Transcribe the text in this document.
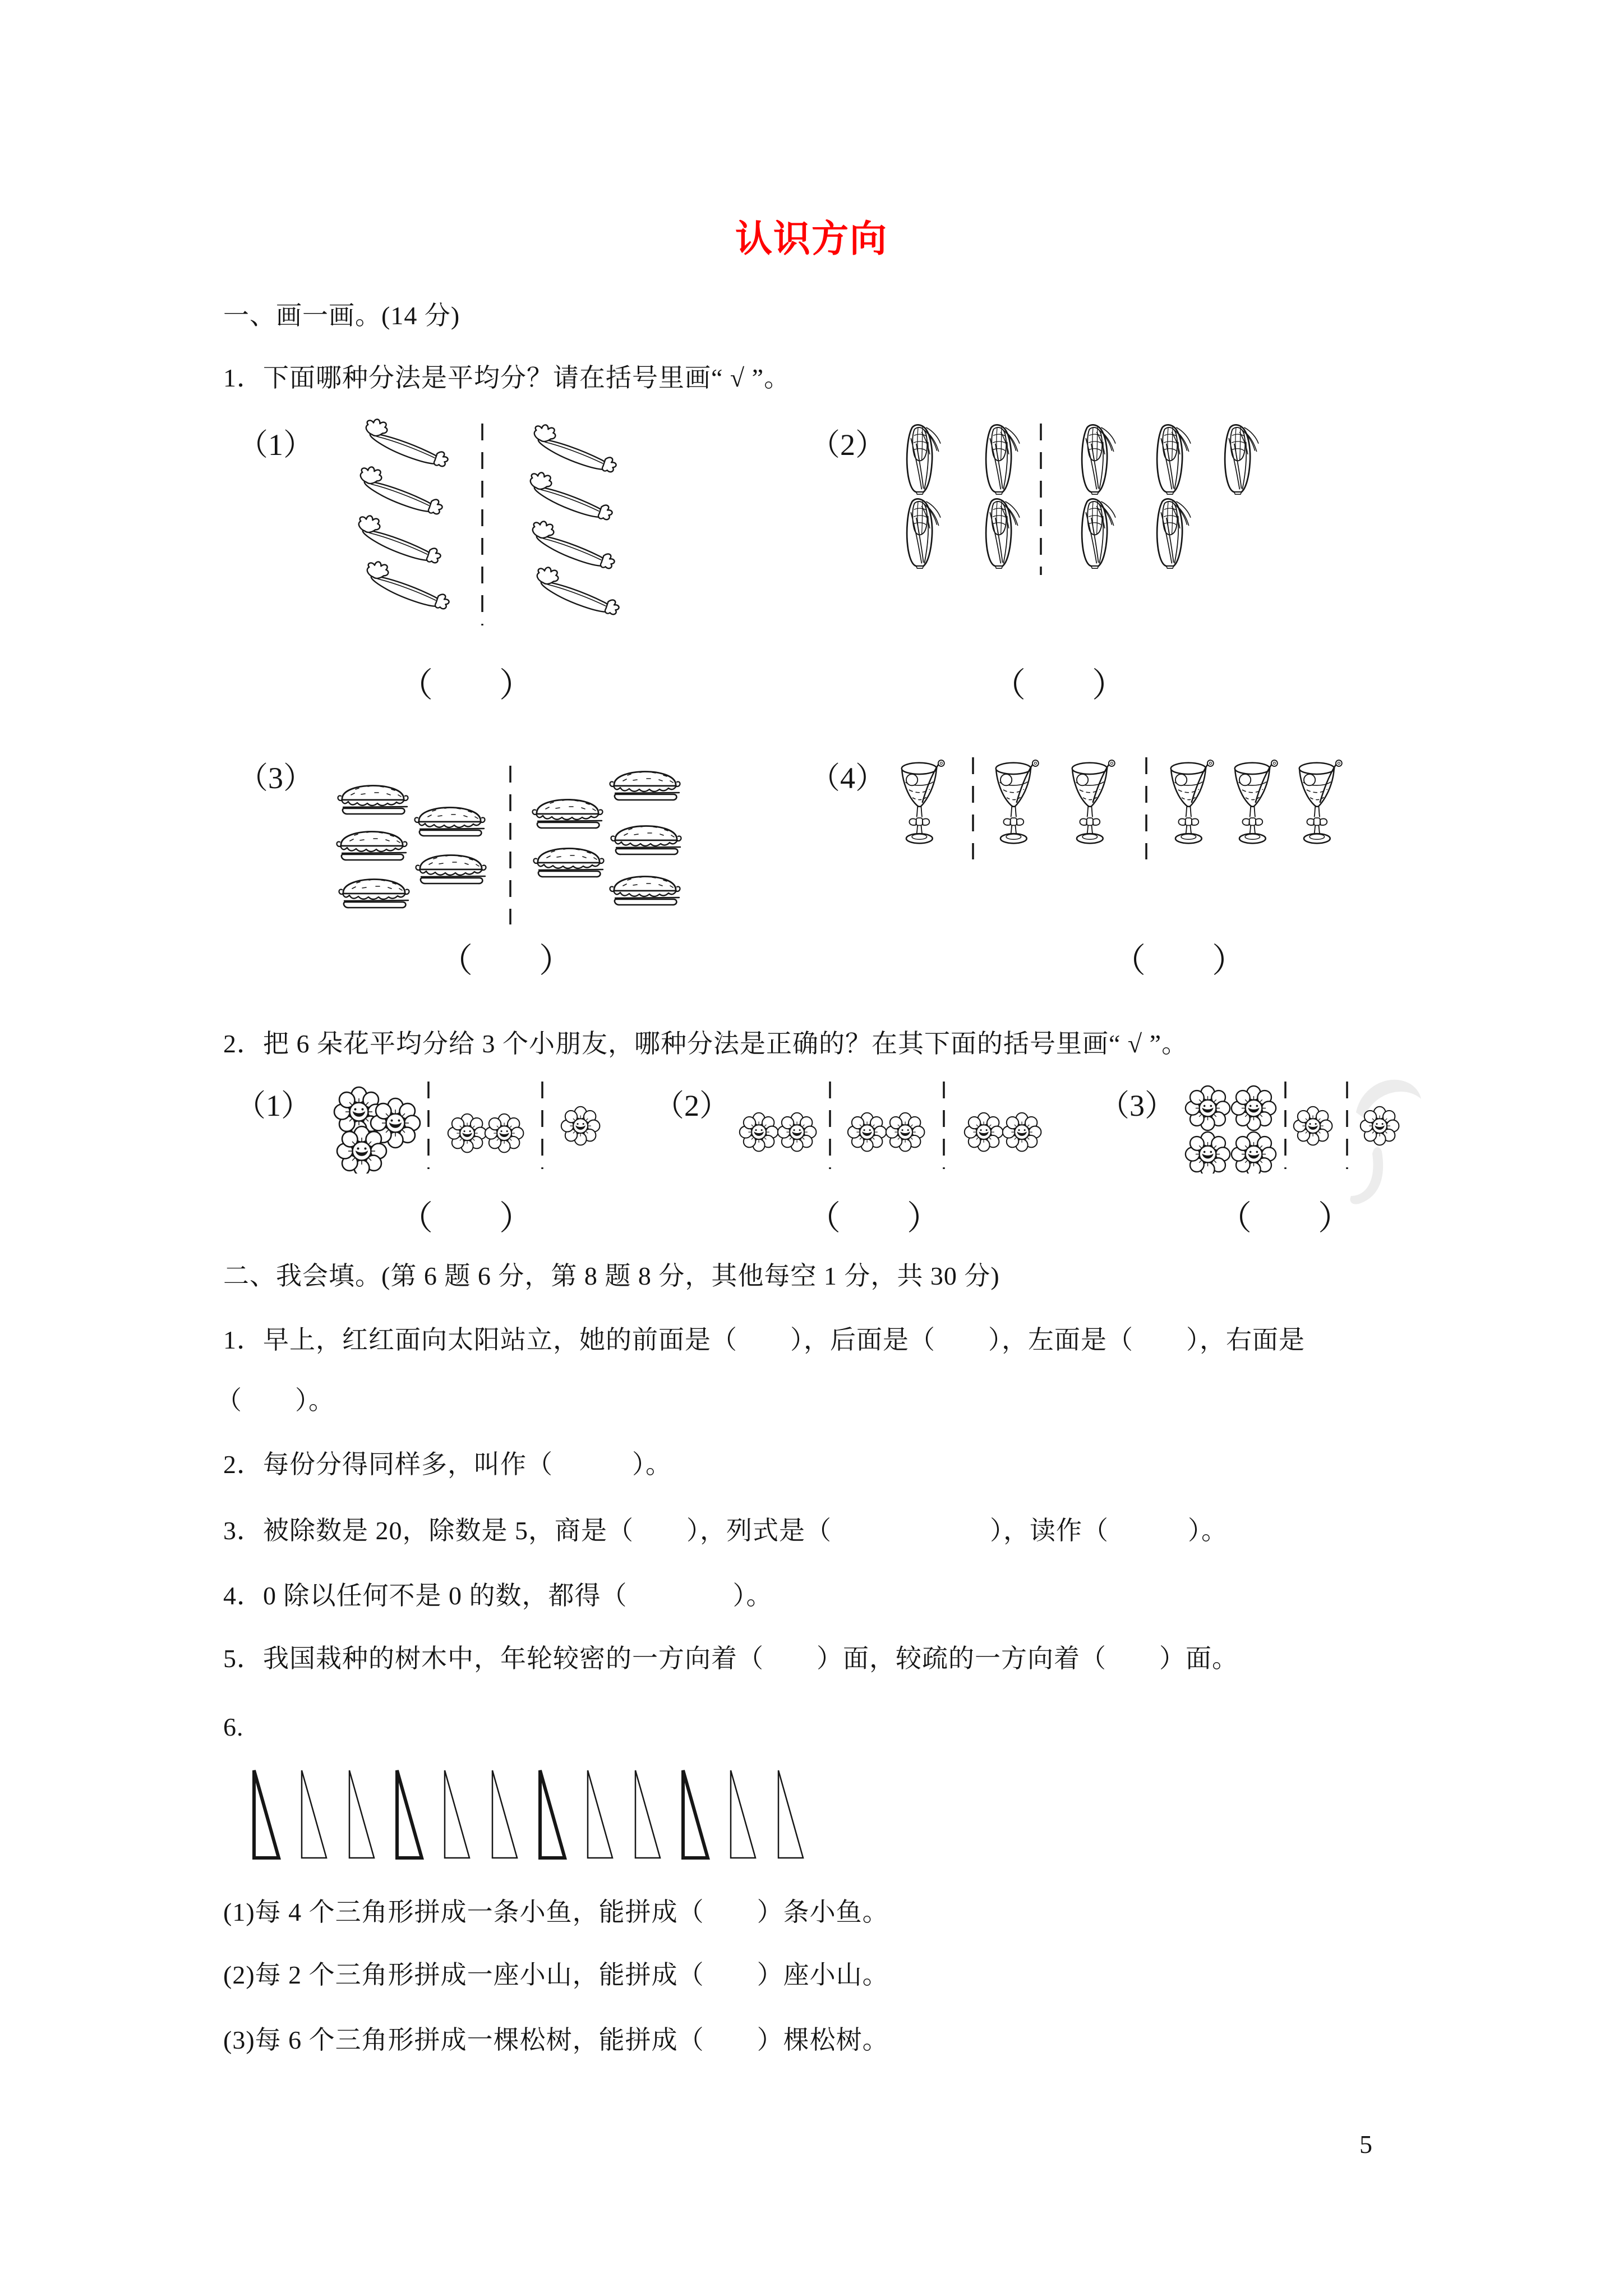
认识方向
一、画一画。(14 分)
1．下面哪种分法是平均分？请在括号里画“ √ ”。
（1）	（2）
（ ）	（ ）
（3）	（4）
（ ）	（ ）
2．把 6 朵花平均分给 3 个小朋友，哪种分法是正确的？在其下面的括号里画“ √ ”。
（1）	（2）	（3）
（ ）	（ ）	（ ）
二、我会填。(第 6 题 6 分，第 8 题 8 分，其他每空 1 分，共 30 分)
1．早上，红红面向太阳站立，她的前面是（　　），后面是（　　），左面是（　　），右面是
（　　）。
2．每份分得同样多，叫作（　　　）。
3．被除数是 20，除数是 5，商是（　　），列式是（　　　　　　），读作（　　　）。
4．0 除以任何不是 0 的数，都得（　　　　）。
5．我国栽种的树木中，年轮较密的一方向着（　　）面，较疏的一方向着（　　）面。
6.
(1)每 4 个三角形拼成一条小鱼，能拼成（　　）条小鱼。
(2)每 2 个三角形拼成一座小山，能拼成（　　）座小山。
(3)每 6 个三角形拼成一棵松树，能拼成（　　）棵松树。
5
